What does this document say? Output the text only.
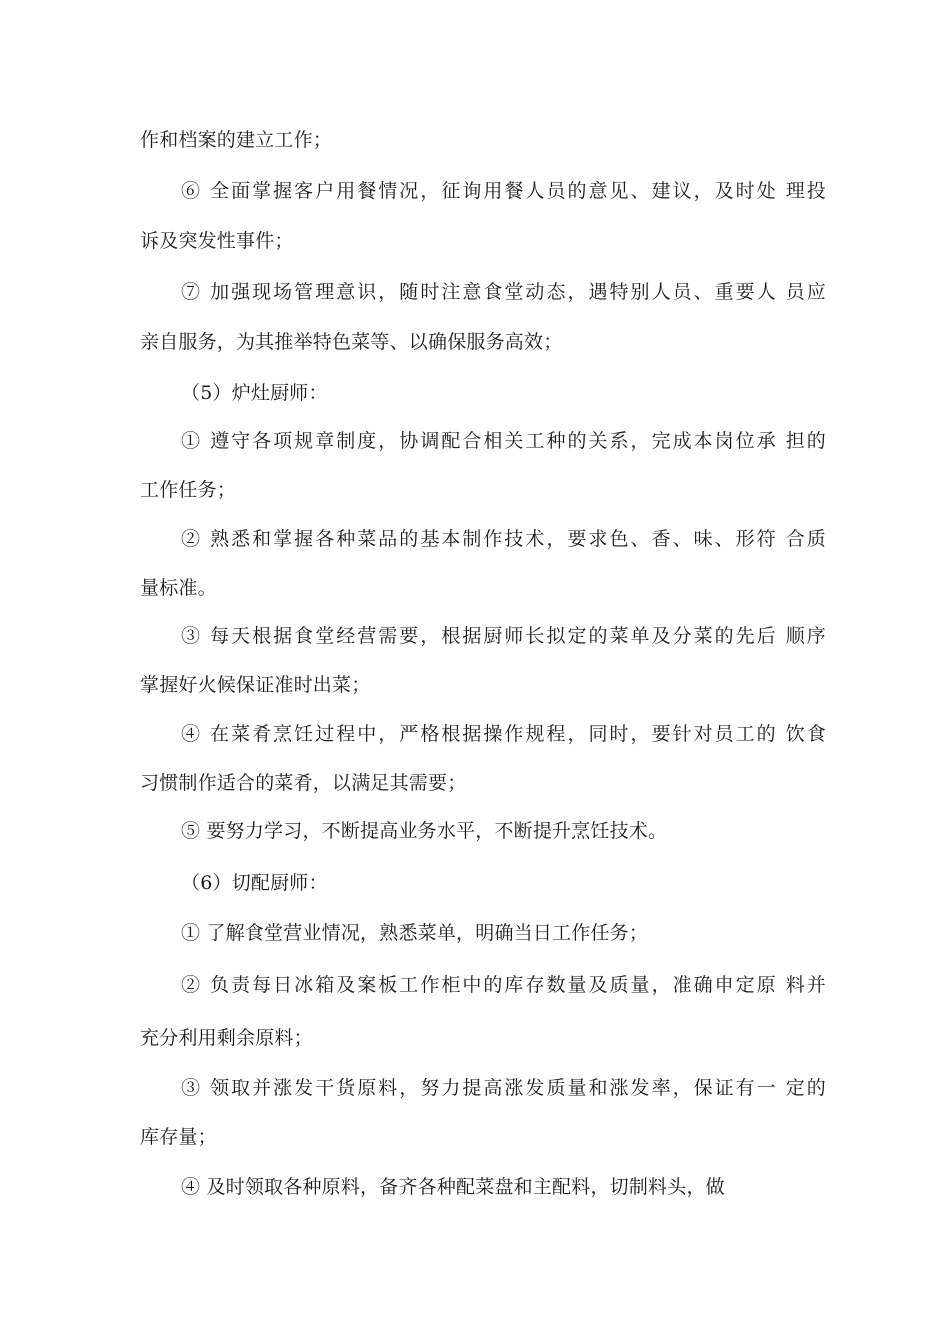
作和档案的建立工作；
⑥ 全面掌握客户用餐情况，征询用餐人员的意见、建议，及时处 理投
诉及突发性事件；
⑦ 加强现场管理意识，随时注意食堂动态，遇特别人员、重要人 员应
亲自服务，为其推举特色菜等、以确保服务高效；
（5）炉灶厨师：
① 遵守各项规章制度，协调配合相关工种的关系，完成本岗位承 担的
工作任务；
② 熟悉和掌握各种菜品的基本制作技术，要求色、香、味、形符 合质
量标准。
③ 每天根据食堂经营需要，根据厨师长拟定的菜单及分菜的先后 顺序
掌握好火候保证准时出菜；
④ 在菜肴烹饪过程中，严格根据操作规程，同时，要针对员工的 饮食
习惯制作适合的菜肴，以满足其需要；
⑤ 要努力学习，不断提高业务水平，不断提升烹饪技术。
（6）切配厨师：
① 了解食堂营业情况，熟悉菜单，明确当日工作任务；
② 负责每日冰箱及案板工作柜中的库存数量及质量，准确申定原 料并
充分利用剩余原料；
③ 领取并涨发干货原料，努力提高涨发质量和涨发率，保证有一 定的
库存量；
④ 及时领取各种原料，备齐各种配菜盘和主配料，切制料头，做
